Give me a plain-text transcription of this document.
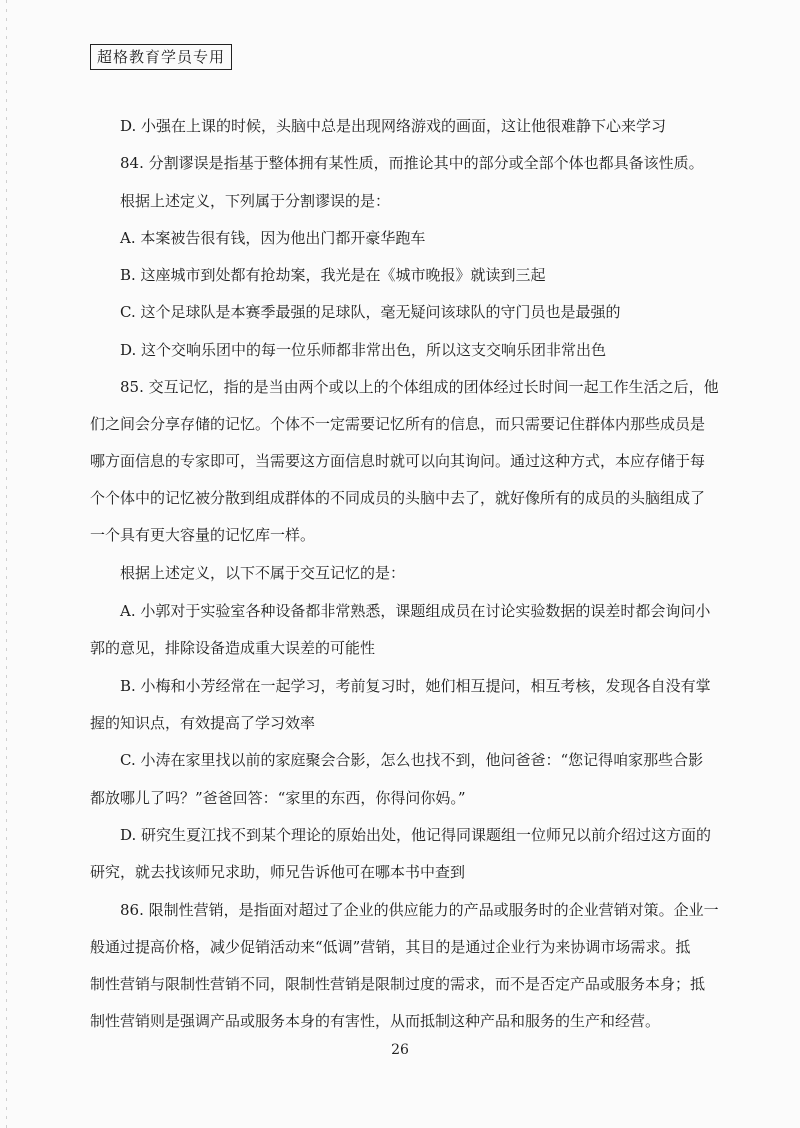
超格教育学员专用
D. 小强在上课的时候，头脑中总是出现网络游戏的画面，这让他很难静下心来学习
84. 分割谬误是指基于整体拥有某性质，而推论其中的部分或全部个体也都具备该性质。
根据上述定义，下列属于分割谬误的是：
A. 本案被告很有钱，因为他出门都开豪华跑车
B. 这座城市到处都有抢劫案，我光是在《城市晚报》就读到三起
C. 这个足球队是本赛季最强的足球队，毫无疑问该球队的守门员也是最强的
D. 这个交响乐团中的每一位乐师都非常出色，所以这支交响乐团非常出色
85. 交互记忆，指的是当由两个或以上的个体组成的团体经过长时间一起工作生活之后，他
们之间会分享存储的记忆。个体不一定需要记忆所有的信息，而只需要记住群体内那些成员是
哪方面信息的专家即可，当需要这方面信息时就可以向其询问。通过这种方式，本应存储于每
个个体中的记忆被分散到组成群体的不同成员的头脑中去了，就好像所有的成员的头脑组成了
一个具有更大容量的记忆库一样。
根据上述定义，以下不属于交互记忆的是：
A. 小郭对于实验室各种设备都非常熟悉，课题组成员在讨论实验数据的误差时都会询问小
郭的意见，排除设备造成重大误差的可能性
B. 小梅和小芳经常在一起学习，考前复习时，她们相互提问，相互考核，发现各自没有掌
握的知识点，有效提高了学习效率
C. 小涛在家里找以前的家庭聚会合影，怎么也找不到，他问爸爸：“您记得咱家那些合影
都放哪儿了吗？”爸爸回答：“家里的东西，你得问你妈。”
D. 研究生夏江找不到某个理论的原始出处，他记得同课题组一位师兄以前介绍过这方面的
研究，就去找该师兄求助，师兄告诉他可在哪本书中查到
86. 限制性营销，是指面对超过了企业的供应能力的产品或服务时的企业营销对策。企业一
般通过提高价格，减少促销活动来“低调”营销，其目的是通过企业行为来协调市场需求。抵
制性营销与限制性营销不同，限制性营销是限制过度的需求，而不是否定产品或服务本身；抵
制性营销则是强调产品或服务本身的有害性，从而抵制这种产品和服务的生产和经营。
26
